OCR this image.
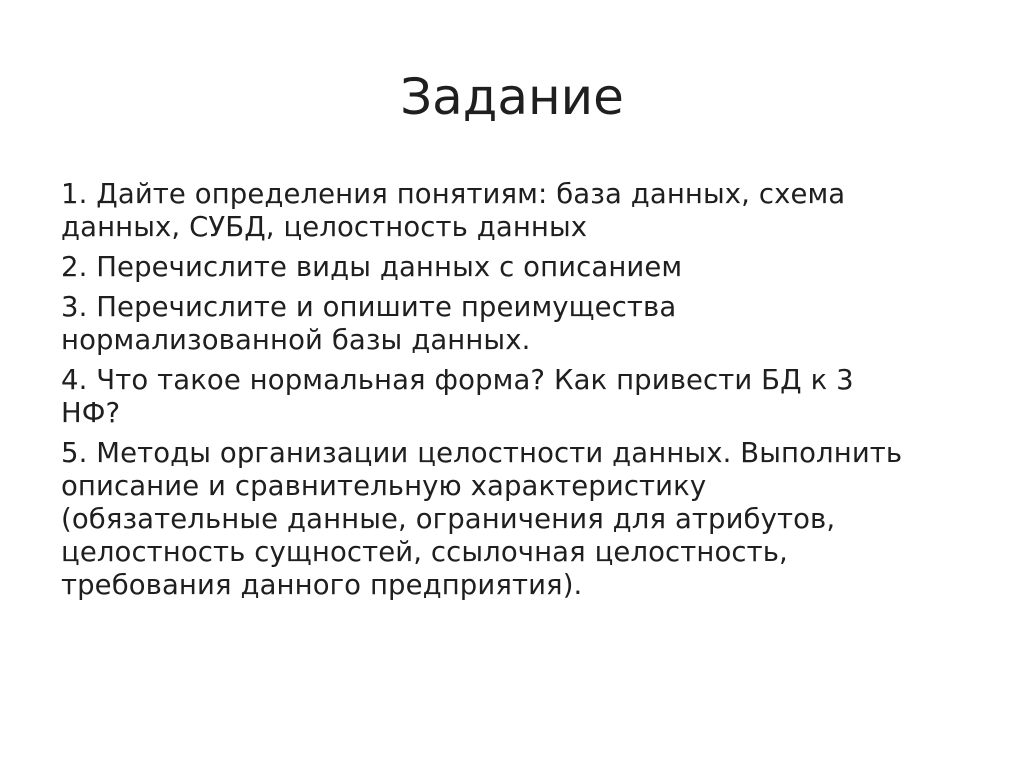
Задание
1. Дайте определения понятиям: база данных, схема
данных, СУБД, целостность данных
2. Перечислите виды данных с описанием
3. Перечислите и опишите преимущества
нормализованной базы данных.
4. Что такое нормальная форма? Как привести БД к 3
НФ?
5. Методы организации целостности данных. Выполнить
описание и сравнительную характеристику
(обязательные данные, ограничения для атрибутов,
целостность сущностей, ссылочная целостность,
требования данного предприятия).
